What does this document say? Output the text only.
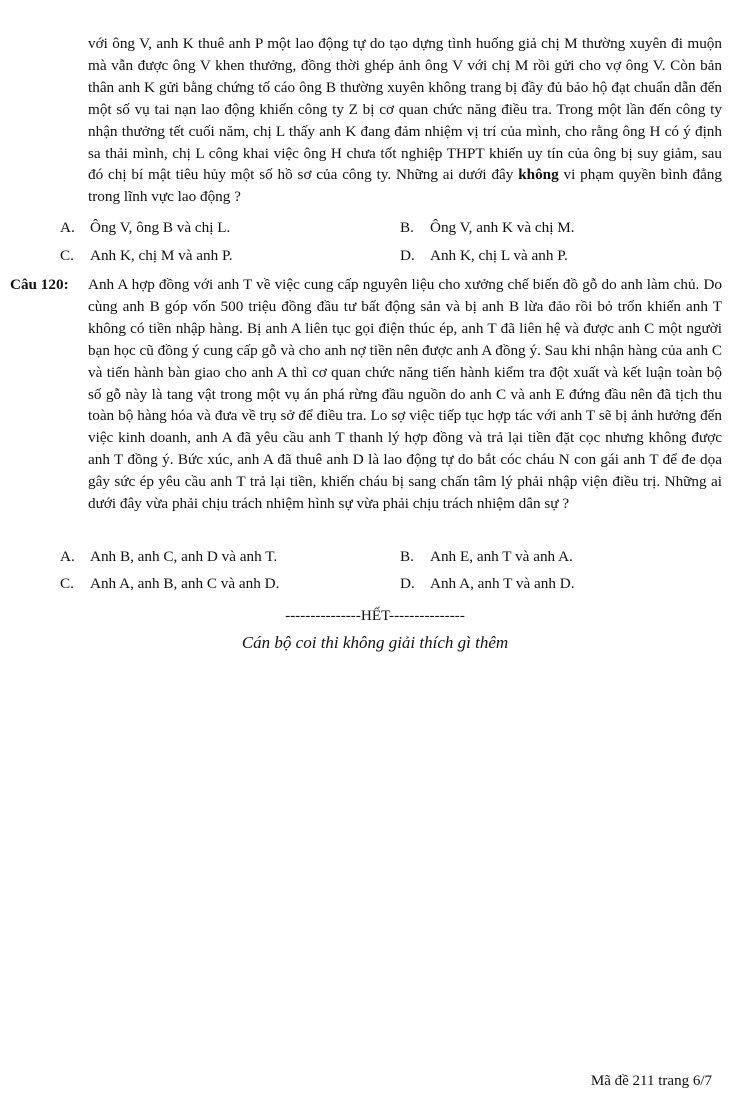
với ông V, anh K thuê anh P một lao động tự do tạo dựng tình huống giả chị M thường xuyên đi muộn mà vẫn được ông V khen thưởng, đồng thời ghép ảnh ông V với chị M rồi gửi cho vợ ông V. Còn bản thân anh K gửi bằng chứng tố cáo ông B thường xuyên không trang bị đầy đủ bảo hộ đạt chuẩn dẫn đến một số vụ tai nạn lao động khiến công ty Z bị cơ quan chức năng điều tra. Trong một lần đến công ty nhận thưởng tết cuối năm, chị L thấy anh K đang đảm nhiệm vị trí của mình, cho rằng ông H có ý định sa thải mình, chị L công khai việc ông H chưa tốt nghiệp THPT khiến uy tín của ông bị suy giảm, sau đó chị bí mật tiêu hủy một số hồ sơ của công ty. Những ai dưới đây không vi phạm quyền bình đẳng trong lĩnh vực lao động ?
A. Ông V, ông B và chị L.	B. Ông V, anh K và chị M.
C. Anh K, chị M và anh P.	D. Anh K, chị L và anh P.
Câu 120: Anh A hợp đồng với anh T về việc cung cấp nguyên liệu cho xưởng chế biến đồ gỗ do anh làm chủ. Do cùng anh B góp vốn 500 triệu đồng đầu tư bất động sản và bị anh B lừa đảo rồi bỏ trốn khiến anh T không có tiền nhập hàng. Bị anh A liên tục gọi điện thúc ép, anh T đã liên hệ và được anh C một người bạn học cũ đồng ý cung cấp gỗ và cho anh nợ tiền nên được anh A đồng ý. Sau khi nhận hàng của anh C và tiến hành bàn giao cho anh A thì cơ quan chức năng tiến hành kiểm tra đột xuất và kết luận toàn bộ số gỗ này là tang vật trong một vụ án phá rừng đầu nguồn do anh C và anh E đứng đầu nên đã tịch thu toàn bộ hàng hóa và đưa về trụ sở để điều tra. Lo sợ việc tiếp tục hợp tác với anh T sẽ bị ảnh hưởng đến việc kinh doanh, anh A đã yêu cầu anh T thanh lý hợp đồng và trả lại tiền đặt cọc nhưng không được anh T đồng ý. Bức xúc, anh A đã thuê anh D là lao động tự do bắt cóc cháu N con gái anh T để đe dọa gây sức ép yêu cầu anh T trả lại tiền, khiến cháu bị sang chấn tâm lý phải nhập viện điều trị. Những ai dưới đây vừa phải chịu trách nhiệm hình sự vừa phải chịu trách nhiệm dân sự ?
A. Anh B, anh C, anh D và anh T.	B. Anh E, anh T và anh A.
C. Anh A, anh B, anh C và anh D.	D. Anh A, anh T và anh D.
---------------HẾT---------------
Cán bộ coi thi không giải thích gì thêm
Mã đề 211 trang 6/7
